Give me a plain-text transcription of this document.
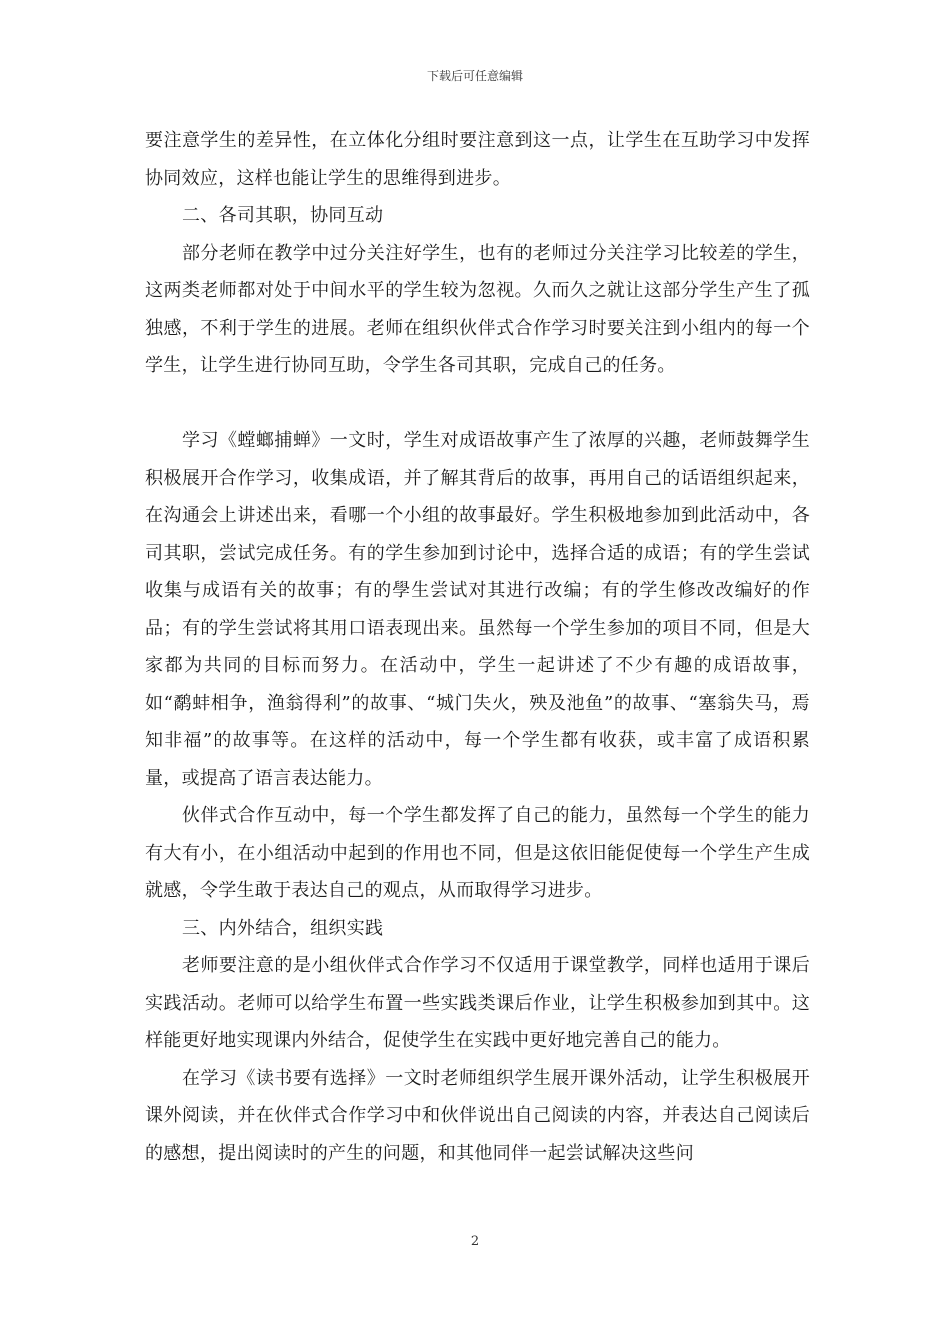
下载后可任意编辑

要注意学生的差异性，在立体化分组时要注意到这一点，让学生在互助学习中发挥协同效应，这样也能让学生的思维得到进步。

二、各司其职，协同互动

部分老师在教学中过分关注好学生，也有的老师过分关注学习比较差的学生，这两类老师都对处于中间水平的学生较为忽视。久而久之就让这部分学生产生了孤独感，不利于学生的进展。老师在组织伙伴式合作学习时要关注到小组内的每一个学生，让学生进行协同互助，令学生各司其职，完成自己的任务。

学习《螳螂捕蝉》一文时，学生对成语故事产生了浓厚的兴趣，老师鼓舞学生积极展开合作学习，收集成语，并了解其背后的故事，再用自己的话语组织起来，在沟通会上讲述出来，看哪一个小组的故事最好。学生积极地参加到此活动中，各司其职，尝试完成任务。有的学生参加到讨论中，选择合适的成语；有的学生尝试收集与成语有关的故事；有的學生尝试对其进行改编；有的学生修改改编好的作品；有的学生尝试将其用口语表现出来。虽然每一个学生参加的项目不同，但是大家都为共同的目标而努力。在活动中，学生一起讲述了不少有趣的成语故事，如“鹬蚌相争，渔翁得利”的故事、“城门失火，殃及池鱼”的故事、“塞翁失马，焉知非福”的故事等。在这样的活动中，每一个学生都有收获，或丰富了成语积累量，或提高了语言表达能力。

伙伴式合作互动中，每一个学生都发挥了自己的能力，虽然每一个学生的能力有大有小，在小组活动中起到的作用也不同，但是这依旧能促使每一个学生产生成就感，令学生敢于表达自己的观点，从而取得学习进步。

三、内外结合，组织实践

老师要注意的是小组伙伴式合作学习不仅适用于课堂教学，同样也适用于课后实践活动。老师可以给学生布置一些实践类课后作业，让学生积极参加到其中。这样能更好地实现课内外结合，促使学生在实践中更好地完善自己的能力。

在学习《读书要有选择》一文时老师组织学生展开课外活动，让学生积极展开课外阅读，并在伙伴式合作学习中和伙伴说出自己阅读的内容，并表达自己阅读后的感想，提出阅读时的产生的问题，和其他同伴一起尝试解决这些问

2
